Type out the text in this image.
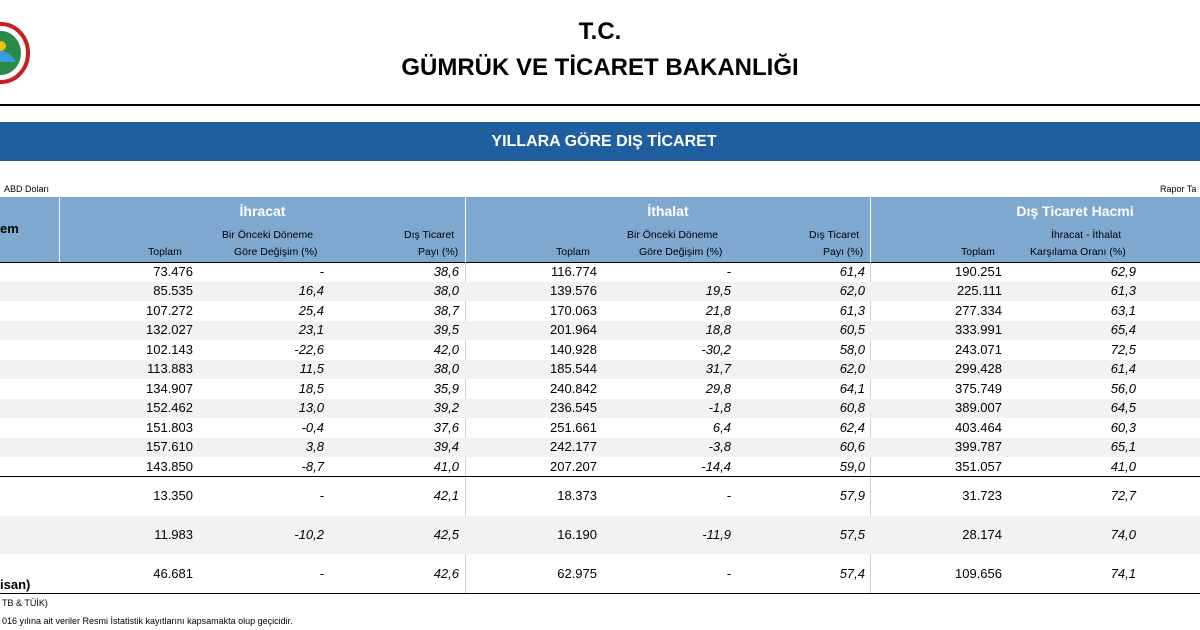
T.C.
GÜMRÜK VE TİCARET BAKANLIĞI
YILLARA GÖRE DIŞ TİCARET
ABD Doları	Rapor Ta
em
İhracat	İthalat	Dış Ticaret Hacmi
Toplam
Bir Önceki Döneme
Göre Değişim (%)
Dış Ticaret
Payı (%)	Toplam
Bir Önceki Döneme
Göre Değişim (%)
Dış Ticaret
Payı (%)	Toplam
İhracat - İthalat
Karşılama Oranı (%)
73.476	-	38,6	116.774	-	61,4	190.251	62,9
85.535	16,4	38,0	139.576	19,5	62,0	225.111	61,3
107.272	25,4	38,7	170.063	21,8	61,3	277.334	63,1
132.027	23,1	39,5	201.964	18,8	60,5	333.991	65,4
102.143	-22,6	42,0	140.928	-30,2	58,0	243.071	72,5
113.883	11,5	38,0	185.544	31,7	62,0	299.428	61,4
134.907	18,5	35,9	240.842	29,8	64,1	375.749	56,0
152.462	13,0	39,2	236.545	-1,8	60,8	389.007	64,5
151.803	-0,4	37,6	251.661	6,4	62,4	403.464	60,3
157.610	3,8	39,4	242.177	-3,8	60,6	399.787	65,1
143.850	-8,7	41,0	207.207	-14,4	59,0	351.057	41,0
13.350	-	42,1	18.373	-	57,9	31.723	72,7
11.983	-10,2	42,5	16.190	-11,9	57,5	28.174	74,0
46.681	-	42,6	62.975	-	57,4	109.656	74,1
isan)
TB & TÜİK)
016 yılına ait veriler Resmi İstatistik kayıtlarını kapsamakta olup geçicidir.
